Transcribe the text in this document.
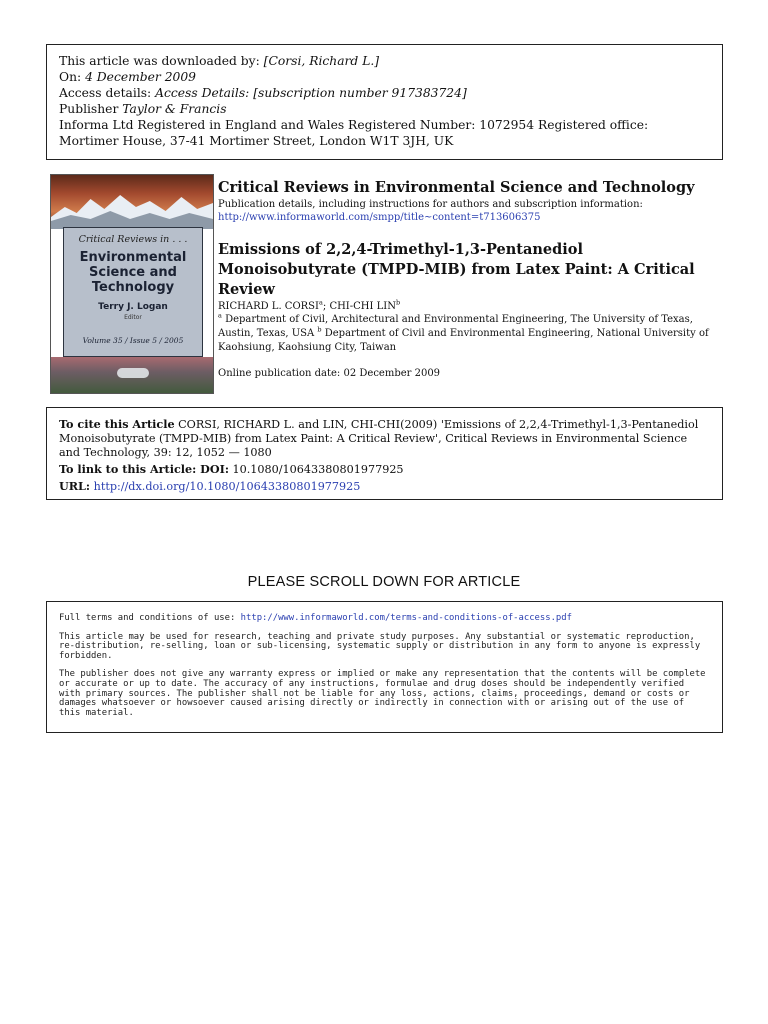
This article was downloaded by: [Corsi, Richard L.]
On: 4 December 2009
Access details: Access Details: [subscription number 917383724]
Publisher Taylor & Francis
Informa Ltd Registered in England and Wales Registered Number: 1072954 Registered office: Mortimer House, 37-41 Mortimer Street, London W1T 3JH, UK
Critical Reviews in . . .
Environmental
Science and
Technology
Terry J. Logan
Editor
Volume 35 / Issue 5 / 2005
Critical Reviews in Environmental Science and Technology
Publication details, including instructions for authors and subscription information:
http://www.informaworld.com/smpp/title~content=t713606375
Emissions of 2,2,4-Trimethyl-1,3-Pentanediol Monoisobutyrate (TMPD-MIB) from Latex Paint: A Critical Review
RICHARD L. CORSI$^a$; CHI-CHI LIN$^b$
$^a$ Department of Civil, Architectural and Environmental Engineering, The University of Texas, Austin, Texas, USA $^b$ Department of Civil and Environmental Engineering, National University of Kaohsiung, Kaohsiung City, Taiwan
Online publication date: 02 December 2009
To cite this Article CORSI, RICHARD L. and LIN, CHI-CHI(2009) 'Emissions of 2,2,4-Trimethyl-1,3-Pentanediol Monoisobutyrate (TMPD-MIB) from Latex Paint: A Critical Review', Critical Reviews in Environmental Science and Technology, 39: 12, 1052 — 1080
To link to this Article: DOI: 10.1080/10643380801977925
URL: http://dx.doi.org/10.1080/10643380801977925
PLEASE SCROLL DOWN FOR ARTICLE

Full terms and conditions of use: http://www.informaworld.com/terms-and-conditions-of-access.pdf

This article may be used for research, teaching and private study purposes. Any substantial or systematic reproduction, re-distribution, re-selling, loan or sub-licensing, systematic supply or distribution in any form to anyone is expressly forbidden.

The publisher does not give any warranty express or implied or make any representation that the contents will be complete or accurate or up to date. The accuracy of any instructions, formulae and drug doses should be independently verified with primary sources. The publisher shall not be liable for any loss, actions, claims, proceedings, demand or costs or damages whatsoever or howsoever caused arising directly or indirectly in connection with or arising out of the use of this material.
